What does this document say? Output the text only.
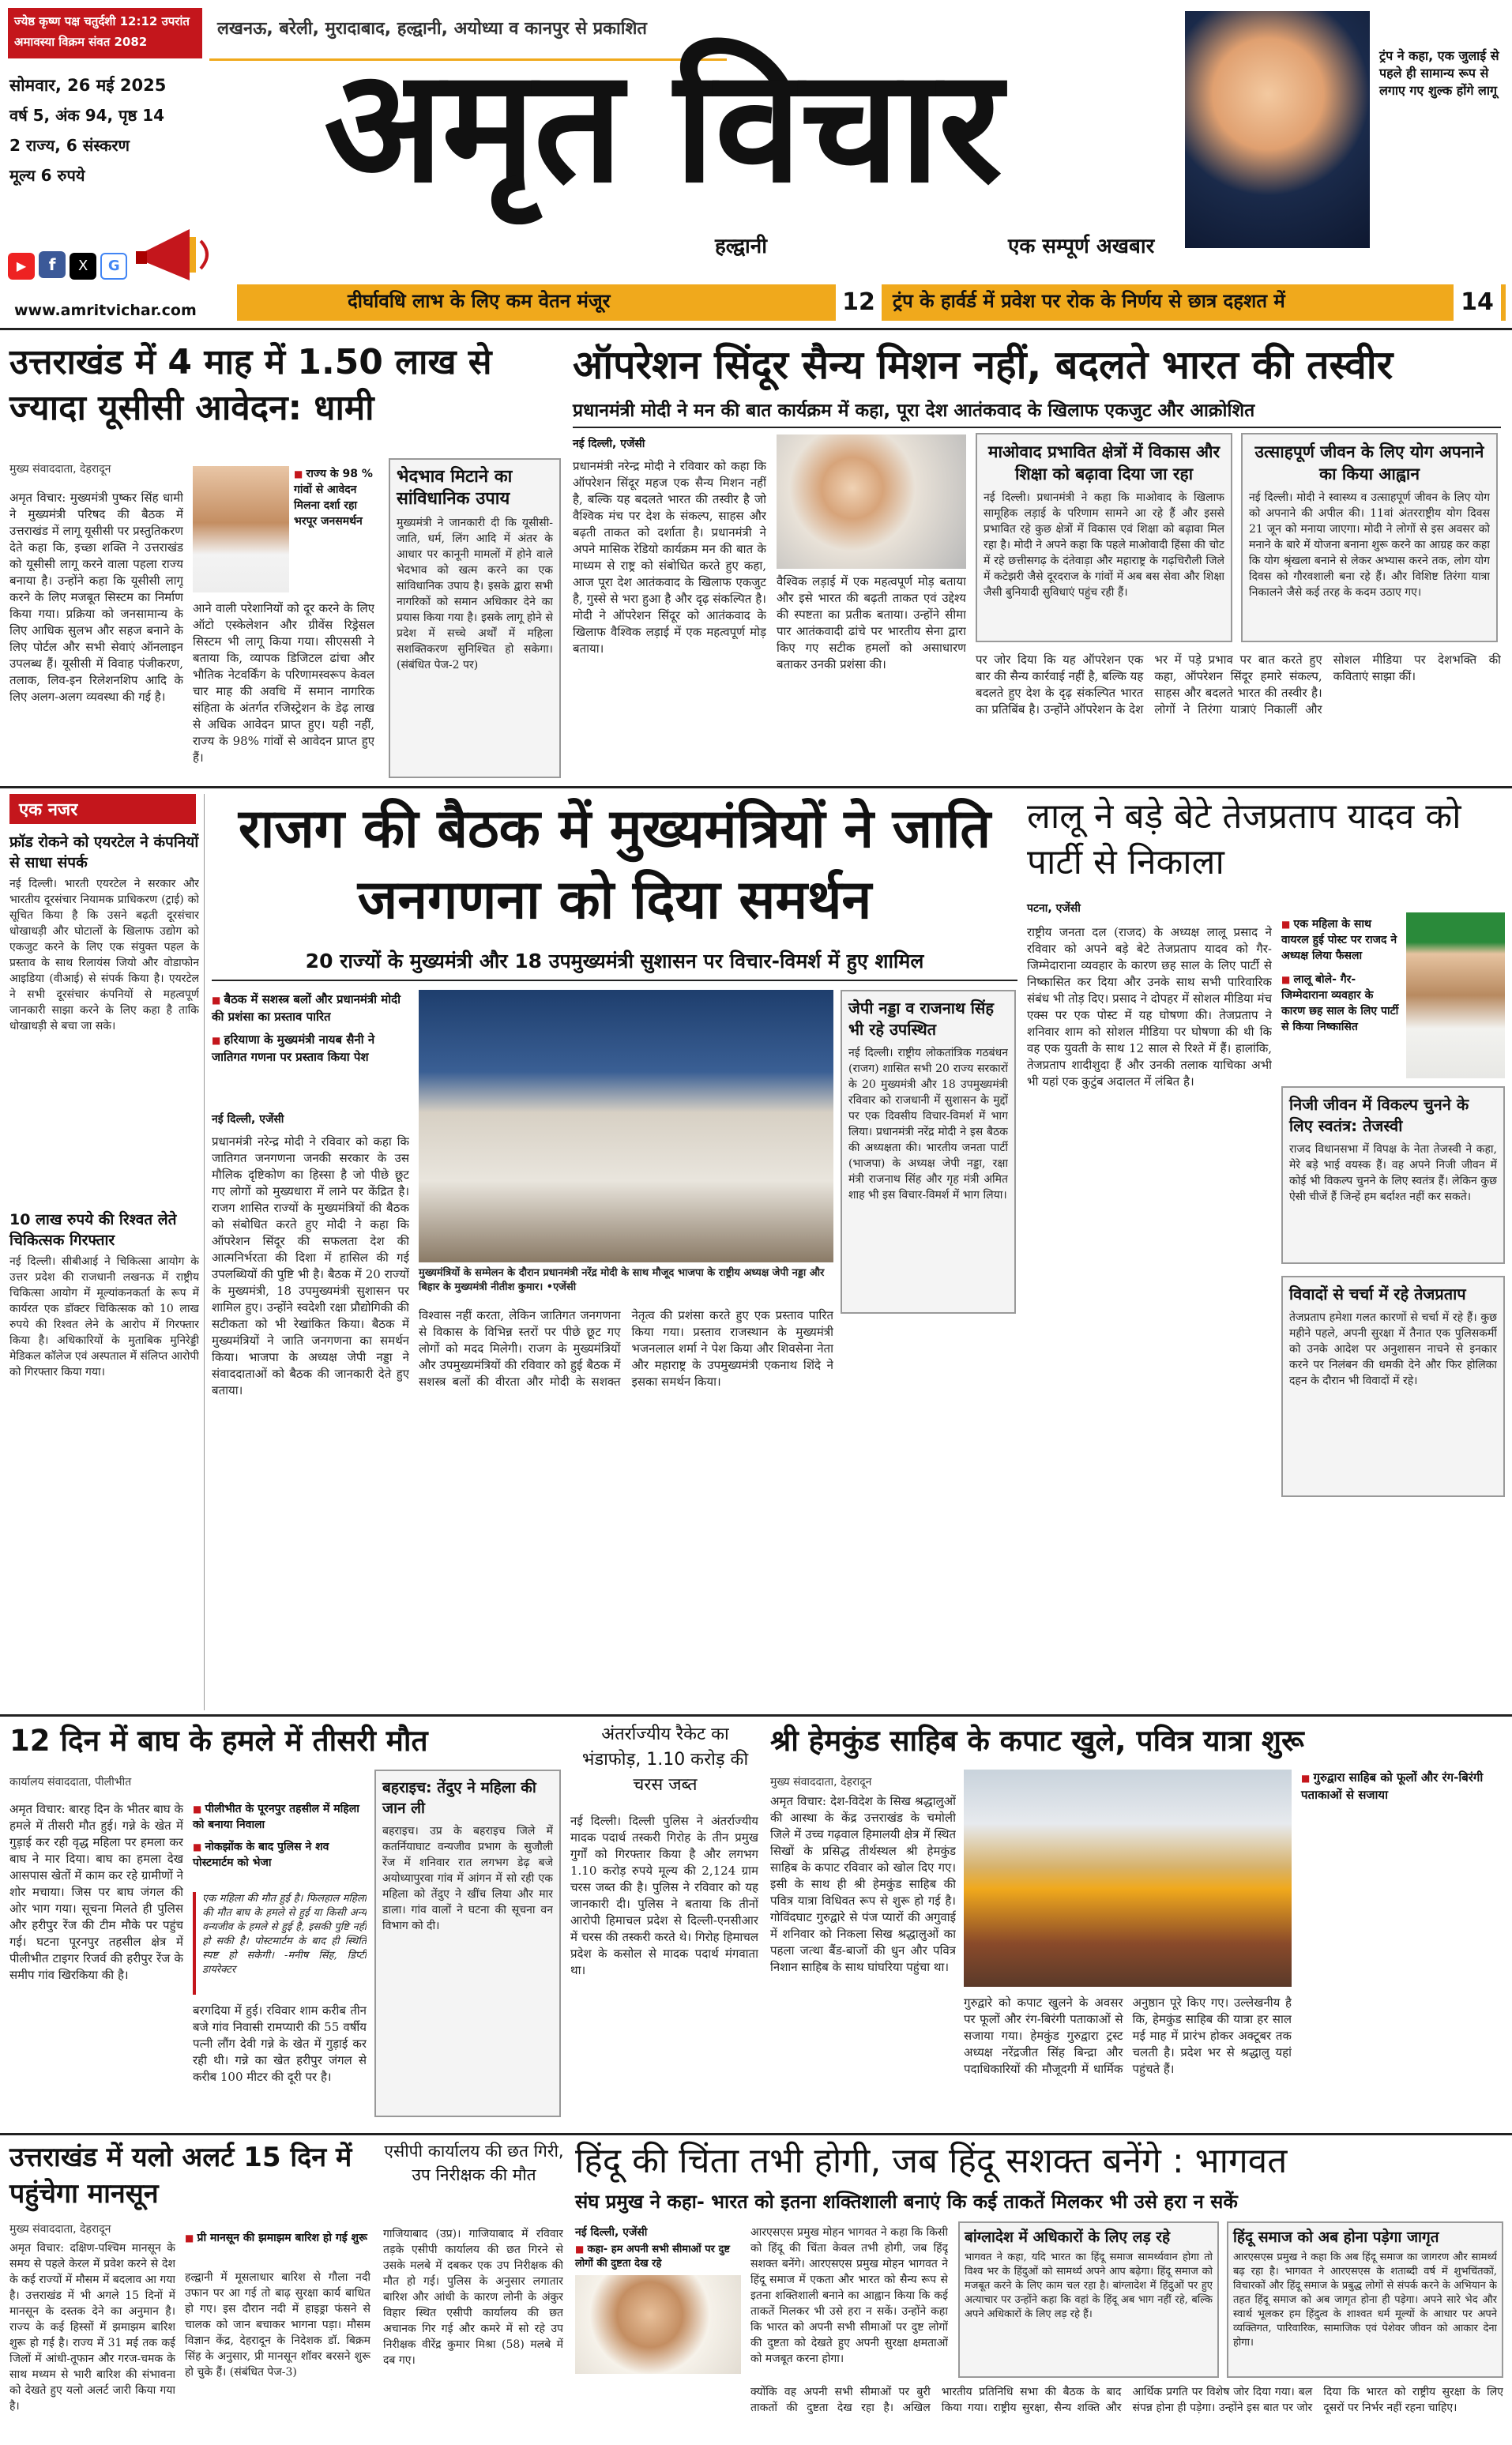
ज्येष्ठ कृष्ण पक्ष चतुर्दशी 12:12 उपरांत अमावस्या विक्रम संवत 2082
लखनऊ, बरेली, मुरादाबाद, हल्द्वानी, अयोध्या व कानपुर से प्रकाशित
सोमवार, 26 मई 2025
वर्ष 5, अंक 94, पृष्ठ 14
2 राज्य, 6 संस्करण
मूल्य 6 रुपये
▶ f X G
www.amritvichar.com
अमृत विचार
हल्द्वानी	एक सम्पूर्ण अखबार
ट्रंप ने कहा, एक जुलाई से पहले ही सामान्य रूप से लगाए गए शुल्क होंगे लागू
दीर्घावधि लाभ के लिए कम वेतन मंजूर	12 ट्रंप के हार्वर्ड में प्रवेश पर रोक के निर्णय से छात्र दहशत में	14
उत्तराखंड में 4 माह में 1.50 लाख से ज्यादा यूसीसी आवेदन: धामी
मुख्य संवाददाता, देहरादून

अमृत विचार: मुख्यमंत्री पुष्कर सिंह धामी ने मुख्यमंत्री परिषद की बैठक में उत्तराखंड में लागू यूसीसी पर प्रस्तुतिकरण देते कहा कि, इच्छा शक्ति ने उत्तराखंड को यूसीसी लागू करने वाला पहला राज्य बनाया है। उन्होंने कहा कि यूसीसी लागू करने के लिए मजबूत सिस्टम का निर्माण किया गया। प्रक्रिया को जनसामान्य के लिए आधिक सुलभ और सहज बनाने के लिए पोर्टल और सभी सेवाएं ऑनलाइन उपलब्ध हैं। यूसीसी में विवाह पंजीकरण, तलाक, लिव-इन रिलेशनशिप आदि के लिए अलग-अलग व्यवस्था की गई है।

■ राज्य के 98 % गांवों से आवेदन मिलना दर्शा रहा भरपूर जनसमर्थन

आने वाली परेशानियों को दूर करने के लिए ऑटो एस्केलेशन और ग्रीवेंस रिड्रेसल सिस्टम भी लागू किया गया। सीएससी ने बताया कि, व्यापक डिजिटल ढांचा और भौतिक नेटवर्किंग के परिणामस्वरूप केवल चार माह की अवधि में समान नागरिक संहिता के अंतर्गत रजिस्ट्रेशन के डेढ़ लाख से अधिक आवेदन प्राप्त हुए। यही नहीं, राज्य के 98% गांवों से आवेदन प्राप्त हुए हैं।

भेदभाव मिटाने का सांविधानिक उपाय

मुख्यमंत्री ने जानकारी दी कि यूसीसी- जाति, धर्म, लिंग आदि में अंतर के आधार पर कानूनी मामलों में होने वाले भेदभाव को खत्म करने का एक सांविधानिक उपाय है। इसके द्वारा सभी नागरिकों को समान अधिकार देने का प्रयास किया गया है। इसके लागू होने से प्रदेश में सच्चे अर्थों में महिला सशक्तिकरण सुनिश्चित हो सकेगा। (संबंधित पेज-2 पर)

ऑपरेशन सिंदूर सैन्य मिशन नहीं, बदलते भारत की तस्वीर
प्रधानमंत्री मोदी ने मन की बात कार्यक्रम में कहा, पूरा देश आतंकवाद के खिलाफ एकजुट और आक्रोशित
नई दिल्ली, एजेंसी

प्रधानमंत्री नरेन्द्र मोदी ने रविवार को कहा कि ऑपरेशन सिंदूर महज एक सैन्य मिशन नहीं है, बल्कि यह बदलते भारत की तस्वीर है जो वैश्विक मंच पर देश के संकल्प, साहस और बढ़ती ताकत को दर्शाता है। प्रधानमंत्री ने अपने मासिक रेडियो कार्यक्रम मन की बात के माध्यम से राष्ट्र को संबोधित करते हुए कहा, आज पूरा देश आतंकवाद के खिलाफ एकजुट है, गुस्से से भरा हुआ है और दृढ़ संकल्पित है। मोदी ने ऑपरेशन सिंदूर को आतंकवाद के खिलाफ वैश्विक लड़ाई में एक महत्वपूर्ण मोड़ बताया।

वैश्विक लड़ाई में एक महत्वपूर्ण मोड़ बताया और इसे भारत की बढ़ती ताकत एवं उद्देश्य की स्पष्टता का प्रतीक बताया। उन्होंने सीमा पार आतंकवादी ढांचे पर भारतीय सेना द्वारा किए गए सटीक हमलों को असाधारण बताकर उनकी प्रशंसा की।

माओवाद प्रभावित क्षेत्रों में विकास और शिक्षा को बढ़ावा दिया जा रहा

नई दिल्ली। प्रधानमंत्री ने कहा कि माओवाद के खिलाफ सामूहिक लड़ाई के परिणाम सामने आ रहे हैं और इससे प्रभावित रहे कुछ क्षेत्रों में विकास एवं शिक्षा को बढ़ावा मिल रहा है। मोदी ने अपने कहा कि पहले माओवादी हिंसा की चोट में रहे छत्तीसगढ़ के दंतेवाड़ा और महाराष्ट्र के गढ़चिरौली जिले में कटेझरी जैसे दूरदराज के गांवों में अब बस सेवा और शिक्षा जैसी बुनियादी सुविधाएं पहुंच रही हैं।

उत्साहपूर्ण जीवन के लिए योग अपनाने का किया आह्वान

नई दिल्ली। मोदी ने स्वास्थ्य व उत्साहपूर्ण जीवन के लिए योग को अपनाने की अपील की। 11वां अंतरराष्ट्रीय योग दिवस 21 जून को मनाया जाएगा। मोदी ने लोगों से इस अवसर को मनाने के बारे में योजना बनाना शुरू करने का आग्रह कर कहा कि योग श्रृंखला बनाने से लेकर अभ्यास करने तक, लोग योग दिवस को गौरवशाली बना रहे हैं। और विशिष्ट तिरंगा यात्रा निकालने जैसे कई तरह के कदम उठाए गए।

पर जोर दिया कि यह ऑपरेशन एक बार की सैन्य कार्रवाई नहीं है, बल्कि यह बदलते हुए देश के दृढ़ संकल्पित भारत का प्रतिबिंब है। उन्होंने ऑपरेशन के देश भर में पड़े प्रभाव पर बात करते हुए कहा, ऑपरेशन सिंदूर हमारे संकल्प, साहस और बदलते भारत की तस्वीर है। लोगों ने तिरंगा यात्राएं निकालीं और सोशल मीडिया पर देशभक्ति की कविताएं साझा कीं।

एक नजर
फ्रॉड रोकने को एयरटेल ने कंपनियों से साधा संपर्क

नई दिल्ली। भारती एयरटेल ने सरकार और भारतीय दूरसंचार नियामक प्राधिकरण (ट्राई) को सूचित किया है कि उसने बढ़ती दूरसंचार धोखाधड़ी और घोटालों के खिलाफ उद्योग को एकजुट करने के लिए एक संयुक्त पहल के प्रस्ताव के साथ रिलायंस जियो और वोडाफोन आइडिया (वीआई) से संपर्क किया है। एयरटेल ने सभी दूरसंचार कंपनियों से महत्वपूर्ण जानकारी साझा करने के लिए कहा है ताकि धोखाधड़ी से बचा जा सके।

10 लाख रुपये की रिश्वत लेते चिकित्सक गिरफ्तार

नई दिल्ली। सीबीआई ने चिकित्सा आयोग के उत्तर प्रदेश की राजधानी लखनऊ में राष्ट्रीय चिकित्सा आयोग में मूल्यांकनकर्ता के रूप में कार्यरत एक डॉक्टर चिकित्सक को 10 लाख रुपये की रिश्वत लेने के आरोप में गिरफ्तार किया है। अधिकारियों के मुताबिक मुनिरेड्डी मेडिकल कॉलेज एवं अस्पताल में संलिप्त आरोपी को गिरफ्तार किया गया।

राजग की बैठक में मुख्यमंत्रियों ने जाति जनगणना को दिया समर्थन
20 राज्यों के मुख्यमंत्री और 18 उपमुख्यमंत्री सुशासन पर विचार-विमर्श में हुए शामिल
■ बैठक में सशस्त्र बलों और प्रधानमंत्री मोदी की प्रशंसा का प्रस्ताव पारित
■ हरियाणा के मुख्यमंत्री नायब सैनी ने जातिगत गणना पर प्रस्ताव किया पेश
नई दिल्ली, एजेंसी

प्रधानमंत्री नरेन्द्र मोदी ने रविवार को कहा कि जातिगत जनगणना जनकी सरकार के उस मौलिक दृष्टिकोण का हिस्सा है जो पीछे छूट गए लोगों को मुख्यधारा में लाने पर केंद्रित है। राजग शासित राज्यों के मुख्यमंत्रियों की बैठक को संबोधित करते हुए मोदी ने कहा कि ऑपरेशन सिंदूर की सफलता देश की आत्मनिर्भरता की दिशा में हासिल की गई उपलब्धियों की पुष्टि भी है। बैठक में 20 राज्यों के मुख्यमंत्री, 18 उपमुख्यमंत्री सुशासन पर शामिल हुए। उन्होंने स्वदेशी रक्षा प्रौद्योगिकी की सटीकता को भी रेखांकित किया। बैठक में मुख्यमंत्रियों ने जाति जनगणना का समर्थन किया। भाजपा के अध्यक्ष जेपी नड्डा ने संवाददाताओं को बैठक की जानकारी देते हुए बताया।

मुख्यमंत्रियों के सम्मेलन के दौरान प्रधानमंत्री नरेंद्र मोदी के साथ मौजूद भाजपा के राष्ट्रीय अध्यक्ष जेपी नड्डा और बिहार के मुख्यमंत्री नीतीश कुमार। •एजेंसी

विश्वास नहीं करता, लेकिन जातिगत जनगणना से विकास के विभिन्न स्तरों पर पीछे छूट गए लोगों को मदद मिलेगी। राजग के मुख्यमंत्रियों और उपमुख्यमंत्रियों की रविवार को हुई बैठक में सशस्त्र बलों की वीरता और मोदी के सशक्त नेतृत्व की प्रशंसा करते हुए एक प्रस्ताव पारित किया गया। प्रस्ताव राजस्थान के मुख्यमंत्री भजनलाल शर्मा ने पेश किया और शिवसेना नेता और महाराष्ट्र के उपमुख्यमंत्री एकनाथ शिंदे ने इसका समर्थन किया।

जेपी नड्डा व राजनाथ सिंह भी रहे उपस्थित

नई दिल्ली। राष्ट्रीय लोकतांत्रिक गठबंधन (राजग) शासित सभी 20 राज्य सरकारों के 20 मुख्यमंत्री और 18 उपमुख्यमंत्री रविवार को राजधानी में सुशासन के मुद्दों पर एक दिवसीय विचार-विमर्श में भाग लिया। प्रधानमंत्री नरेंद्र मोदी ने इस बैठक की अध्यक्षता की। भारतीय जनता पार्टी (भाजपा) के अध्यक्ष जेपी नड्डा, रक्षा मंत्री राजनाथ सिंह और गृह मंत्री अमित शाह भी इस विचार-विमर्श में भाग लिया।

लालू ने बड़े बेटे तेजप्रताप यादव को पार्टी से निकाला
पटना, एजेंसी

राष्ट्रीय जनता दल (राजद) के अध्यक्ष लालू प्रसाद ने रविवार को अपने बड़े बेटे तेजप्रताप यादव को गैर-जिम्मेदाराना व्यवहार के कारण छह साल के लिए पार्टी से निष्कासित कर दिया और उनके साथ सभी पारिवारिक संबंध भी तोड़ दिए। प्रसाद ने दोपहर में सोशल मीडिया मंच एक्स पर एक पोस्ट में यह घोषणा की। तेजप्रताप ने शनिवार शाम को सोशल मीडिया पर घोषणा की थी कि वह एक युवती के साथ 12 साल से रिश्ते में हैं। हालांकि, तेजप्रताप शादीशुदा हैं और उनकी तलाक याचिका अभी भी यहां एक कुटुंब अदालत में लंबित है।

■ एक महिला के साथ वायरल हुई पोस्ट पर राजद ने अध्यक्ष लिया फैसला
■ लालू बोले- गैर-जिम्मेदाराना व्यवहार के कारण छह साल के लिए पार्टी से किया निष्कासित
निजी जीवन में विकल्प चुनने के लिए स्वतंत्र: तेजस्वी

राजद विधानसभा में विपक्ष के नेता तेजस्वी ने कहा, मेरे बड़े भाई वयस्क हैं। वह अपने निजी जीवन में कोई भी विकल्प चुनने के लिए स्वतंत्र हैं। लेकिन कुछ ऐसी चीजें हैं जिन्हें हम बर्दाश्त नहीं कर सकते।

विवादों से चर्चा में रहे तेजप्रताप

तेजप्रताप हमेशा गलत कारणों से चर्चा में रहे हैं। कुछ महीने पहले, अपनी सुरक्षा में तैनात एक पुलिसकर्मी को उनके आदेश पर अनुशासन नाचने से इनकार करने पर निलंबन की धमकी देने और फिर होलिका दहन के दौरान भी विवादों में रहे।

12 दिन में बाघ के हमले में तीसरी मौत
कार्यालय संवाददाता, पीलीभीत

अमृत विचार: बारह दिन के भीतर बाघ के हमले में तीसरी मौत हुई। गन्ने के खेत में गुड़ाई कर रही वृद्ध महिला पर हमला कर बाघ ने मार दिया। बाघ का हमला देख आसपास खेतों में काम कर रहे ग्रामीणों ने शोर मचाया। जिस पर बाघ जंगल की ओर भाग गया। सूचना मिलते ही पुलिस और हरीपुर रेंज की टीम मौके पर पहुंच गई। घटना पूरनपुर तहसील क्षेत्र में पीलीभीत टाइगर रिजर्व की हरीपुर रेंज के समीप गांव खिरकिया की है।

■ पीलीभीत के पूरनपुर तहसील में महिला को बनाया निवाला
■ नोकझोंक के बाद पुलिस ने शव पोस्टमार्टम को भेजा

एक महिला की मौत हुई है। फिलहाल महिला की मौत बाघ के हमले से हुई या किसी अन्य वन्यजीव के हमले से हुई है, इसकी पुष्टि नहीं हो सकी है। पोस्टमार्टम के बाद ही स्थिति स्पष्ट हो सकेगी। -मनीष सिंह, डिप्टी डायरेक्टर

बरगदिया में हुई। रविवार शाम करीब तीन बजे गांव निवासी रामप्यारी की 55 वर्षीय पत्नी लौंग देवी गन्ने के खेत में गुड़ाई कर रही थी। गन्ने का खेत हरीपुर जंगल से करीब 100 मीटर की दूरी पर है।

बहराइच: तेंदुए ने महिला की जान ली

बहराइच। उप्र के बहराइच जिले में कतर्नियाघाट वन्यजीव प्रभाग के सुजौली रेंज में शनिवार रात लगभग डेढ़ बजे अयोध्यापुरवा गांव में आंगन में सो रही एक महिला को तेंदुए ने खींच लिया और मार डाला। गांव वालों ने घटना की सूचना वन विभाग को दी।

अंतर्राज्यीय रैकेट का भंडाफोड़, 1.10 करोड़ की चरस जब्त

नई दिल्ली। दिल्ली पुलिस ने अंतर्राज्यीय मादक पदार्थ तस्करी गिरोह के तीन प्रमुख गुर्गों को गिरफ्तार किया है और लगभग 1.10 करोड़ रुपये मूल्य की 2,124 ग्राम चरस जब्त की है। पुलिस ने रविवार को यह जानकारी दी। पुलिस ने बताया कि तीनों आरोपी हिमाचल प्रदेश से दिल्ली-एनसीआर में चरस की तस्करी करते थे। गिरोह हिमाचल प्रदेश के कसोल से मादक पदार्थ मंगवाता था।

श्री हेमकुंड साहिब के कपाट खुले, पवित्र यात्रा शुरू
मुख्य संवाददाता, देहरादून

अमृत विचार: देश-विदेश के सिख श्रद्धालुओं की आस्था के केंद्र उत्तराखंड के चमोली जिले में उच्च गढ़वाल हिमालयी क्षेत्र में स्थित सिखों के प्रसिद्ध तीर्थस्थल श्री हेमकुंड साहिब के कपाट रविवार को खोल दिए गए। इसी के साथ ही श्री हेमकुंड साहिब की पवित्र यात्रा विधिवत रूप से शुरू हो गई है। गोविंदघाट गुरुद्वारे से पंज प्यारों की अगुवाई में शनिवार को निकला सिख श्रद्धालुओं का पहला जत्था बैंड-बाजों की धुन और पवित्र निशान साहिब के साथ घांघरिया पहुंचा था।

गुरुद्वारे को कपाट खुलने के अवसर पर फूलों और रंग-बिरंगी पताकाओं से सजाया गया। हेमकुंड गुरुद्वारा ट्रस्ट अध्यक्ष नरेंद्रजीत सिंह बिन्द्रा और पदाधिकारियों की मौजूदगी में धार्मिक अनुष्ठान पूरे किए गए। उल्लेखनीय है कि, हेमकुंड साहिब की यात्रा हर साल मई माह में प्रारंभ होकर अक्टूबर तक चलती है। प्रदेश भर से श्रद्धालु यहां पहुंचते हैं।

■ गुरुद्वारा साहिब को फूलों और रंग-बिरंगी पताकाओं से सजाया
उत्तराखंड में यलो अलर्ट 15 दिन में पहुंचेगा मानसून
मुख्य संवाददाता, देहरादून

अमृत विचार: दक्षिण-पश्चिम मानसून के समय से पहले केरल में प्रवेश करने से देश के कई राज्यों में मौसम में बदलाव आ गया है। उत्तराखंड में भी अगले 15 दिनों में मानसून के दस्तक देने का अनुमान है। राज्य के कई हिस्सों में झमाझम बारिश शुरू हो गई है। राज्य में 31 मई तक कई जिलों में आंधी-तूफान और गरज-चमक के साथ मध्यम से भारी बारिश की संभावना को देखते हुए यलो अलर्ट जारी किया गया है।

■ प्री मानसून की झमाझम बारिश हो गई शुरू

हल्द्वानी में मूसलाधार बारिश से गौला नदी उफान पर आ गई तो बाढ़ सुरक्षा कार्य बाधित हो गए। इस दौरान नदी में हाइड्रा फंसने से चालक को जान बचाकर भागना पड़ा। मौसम विज्ञान केंद्र, देहरादून के निदेशक डॉ. बिक्रम सिंह के अनुसार, प्री मानसून शॉवर बरसने शुरू हो चुके हैं। (संबंधित पेज-3)

एसीपी कार्यालय की छत गिरी, उप निरीक्षक की मौत

गाजियाबाद (उप्र)। गाजियाबाद में रविवार तड़के एसीपी कार्यालय की छत गिरने से उसके मलबे में दबकर एक उप निरीक्षक की मौत हो गई। पुलिस के अनुसार लगातार बारिश और आंधी के कारण लोनी के अंकुर विहार स्थित एसीपी कार्यालय की छत अचानक गिर गई और कमरे में सो रहे उप निरीक्षक वीरेंद्र कुमार मिश्रा (58) मलबे में दब गए।

हिंदू की चिंता तभी होगी, जब हिंदू सशक्त बनेंगे : भागवत
संघ प्रमुख ने कहा- भारत को इतना शक्तिशाली बनाएं कि कई ताकतें मिलकर भी उसे हरा न सकें
नई दिल्ली, एजेंसी
■ कहा- हम अपनी सभी सीमाओं पर दुष्ट लोगों की दुष्टता देख रहे

आरएसएस प्रमुख मोहन भागवत ने कहा कि किसी को हिंदू की चिंता केवल तभी होगी, जब हिंदू सशक्त बनेंगे। आरएसएस प्रमुख मोहन भागवत ने हिंदू समाज में एकता और भारत को सैन्य रूप से इतना शक्तिशाली बनाने का आह्वान किया कि कई ताकतें मिलकर भी उसे हरा न सकें। उन्होंने कहा कि भारत को अपनी सभी सीमाओं पर दुष्ट लोगों की दुष्टता को देखते हुए अपनी सुरक्षा क्षमताओं को मजबूत करना होगा।

बांग्लादेश में अधिकारों के लिए लड़ रहे

भागवत ने कहा, यदि भारत का हिंदू समाज सामर्थ्यवान होगा तो विश्व भर के हिंदुओं को सामर्थ्य अपने आप बढ़ेगा। हिंदू समाज को मजबूत करने के लिए काम चल रहा है। बांग्लादेश में हिंदुओं पर हुए अत्याचार पर उन्होंने कहा कि वहां के हिंदू अब भाग नहीं रहे, बल्कि अपने अधिकारों के लिए लड़ रहे हैं।

हिंदू समाज को अब होना पड़ेगा जागृत

आरएसएस प्रमुख ने कहा कि अब हिंदू समाज का जागरण और सामर्थ्य बढ़ रहा है। भागवत ने आरएसएस के शताब्दी वर्ष में शुभचिंतकों, विचारकों और हिंदू समाज के प्रबुद्ध लोगों से संपर्क करने के अभियान के तहत हिंदू समाज को अब जागृत होना ही पड़ेगा। अपने सारे भेद और स्वार्थ भूलकर हम हिंदुत्व के शाश्वत धर्म मूल्यों के आधार पर अपने व्यक्तिगत, पारिवारिक, सामाजिक एवं पेशेवर जीवन को आकार देना होगा।

क्योंकि वह अपनी सभी सीमाओं पर बुरी ताकतों की दुष्टता देख रहा है। अखिल भारतीय प्रतिनिधि सभा की बैठक के बाद किया गया। राष्ट्रीय सुरक्षा, सैन्य शक्ति और आर्थिक प्रगति पर विशेष जोर दिया गया। बल संपन्न होना ही पड़ेगा। उन्होंने इस बात पर जोर दिया कि भारत को राष्ट्रीय सुरक्षा के लिए दूसरों पर निर्भर नहीं रहना चाहिए।
